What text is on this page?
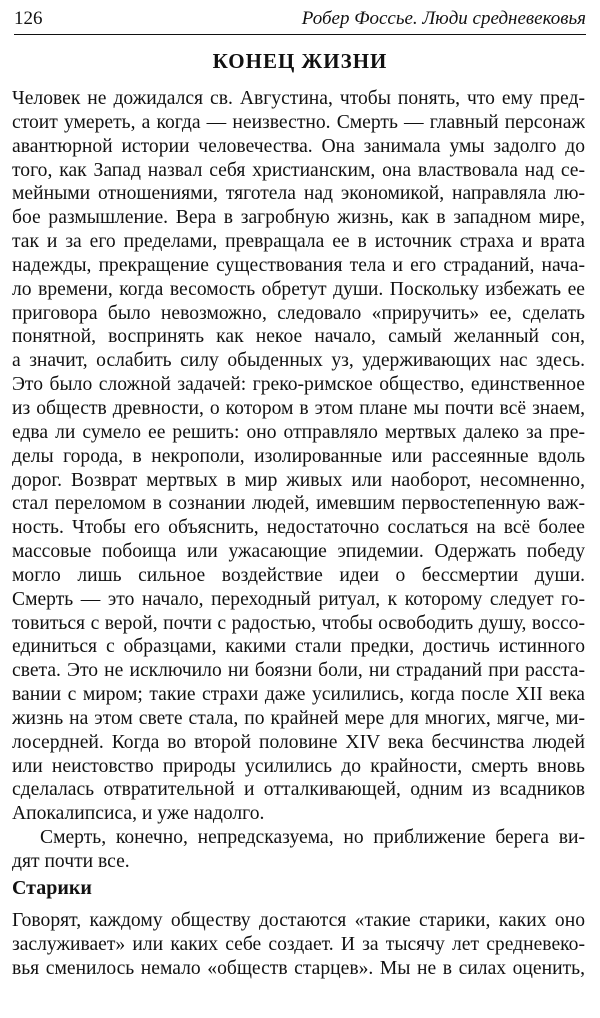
126	Робер Фоссье. Люди средневековья
КОНЕЦ ЖИЗНИ
Человек не дожидался св. Августина, чтобы понять, что ему пред-
стоит умереть, а когда — неизвестно. Смерть — главный персонаж
авантюрной истории человечества. Она занимала умы задолго до
того, как Запад назвал себя христианским, она властвовала над се-
мейными отношениями, тяготела над экономикой, направляла лю-
бое размышление. Вера в загробную жизнь, как в западном мире,
так и за его пределами, превращала ее в источник страха и врата
надежды, прекращение существования тела и его страданий, нача-
ло времени, когда весомость обретут души. Поскольку избежать ее
приговора было невозможно, следовало «приручить» ее, сделать
понятной, воспринять как некое начало, самый желанный сон,
а значит, ослабить силу обыденных уз, удерживающих нас здесь.
Это было сложной задачей: греко-римское общество, единственное
из обществ древности, о котором в этом плане мы почти всё знаем,
едва ли сумело ее решить: оно отправляло мертвых далеко за пре-
делы города, в некрополи, изолированные или рассеянные вдоль
дорог. Возврат мертвых в мир живых или наоборот, несомненно,
стал переломом в сознании людей, имевшим первостепенную важ-
ность. Чтобы его объяснить, недостаточно сослаться на всё более
массовые побоища или ужасающие эпидемии. Одержать победу
могло лишь сильное воздействие идеи о бессмертии души.
Смерть — это начало, переходный ритуал, к которому следует го-
товиться с верой, почти с радостью, чтобы освободить душу, воссо-
единиться с образцами, какими стали предки, достичь истинного
света. Это не исключило ни боязни боли, ни страданий при расста-
вании с миром; такие страхи даже усилились, когда после XII века
жизнь на этом свете стала, по крайней мере для многих, мягче, ми-
лосердней. Когда во второй половине XIV века бесчинства людей
или неистовство природы усилились до крайности, смерть вновь
сделалась отвратительной и отталкивающей, одним из всадников
Апокалипсиса, и уже надолго.
Смерть, конечно, непредсказуема, но приближение берега ви-
дят почти все.
Старики
Говорят, каждому обществу достаются «такие старики, каких оно
заслуживает» или каких себе создает. И за тысячу лет средневеко-
вья сменилось немало «обществ старцев». Мы не в силах оценить,
